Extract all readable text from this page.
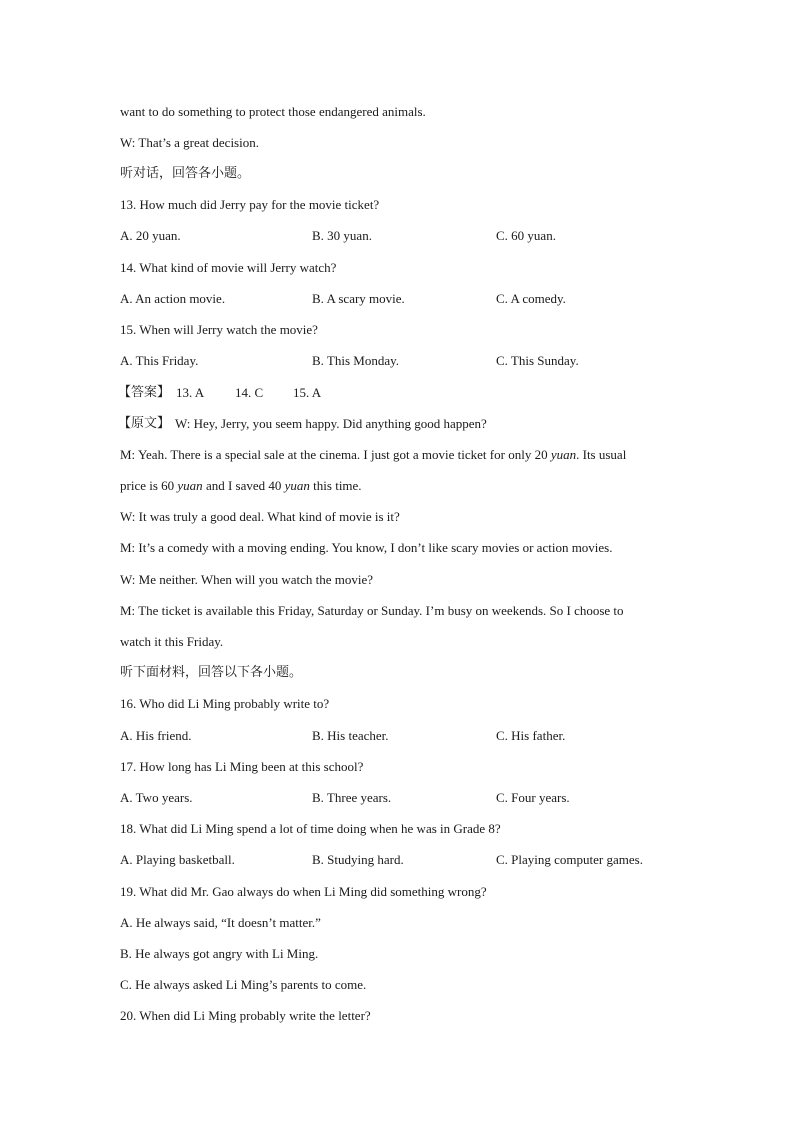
want to do something to protect those endangered animals.
W: That’s a great decision.
听对话，回答各小题。
13. How much did Jerry pay for the movie ticket?
A. 20 yuan.	B. 30 yuan.	C. 60 yuan.
14. What kind of movie will Jerry watch?
A. An action movie.	B. A scary movie.	C. A comedy.
15. When will Jerry watch the movie?
A. This Friday.	B. This Monday.	C. This Sunday.
【答案】 13. A 14. C 15. A
【原文】 W: Hey, Jerry, you seem happy. Did anything good happen?
M: Yeah. There is a special sale at the cinema. I just got a movie ticket for only 20 yuan. Its usual
price is 60 yuan and I saved 40 yuan this time.
W: It was truly a good deal. What kind of movie is it?
M: It’s a comedy with a moving ending. You know, I don’t like scary movies or action movies.
W: Me neither. When will you watch the movie?
M: The ticket is available this Friday, Saturday or Sunday. I’m busy on weekends. So I choose to
watch it this Friday.
听下面材料，回答以下各小题。
16. Who did Li Ming probably write to?
A. His friend.	B. His teacher.	C. His father.
17. How long has Li Ming been at this school?
A. Two years.	B. Three years.	C. Four years.
18. What did Li Ming spend a lot of time doing when he was in Grade 8?
A. Playing basketball.	B. Studying hard.	C. Playing computer games.
19. What did Mr. Gao always do when Li Ming did something wrong?
A. He always said, “It doesn’t matter.”
B. He always got angry with Li Ming.
C. He always asked Li Ming’s parents to come.
20. When did Li Ming probably write the letter?
